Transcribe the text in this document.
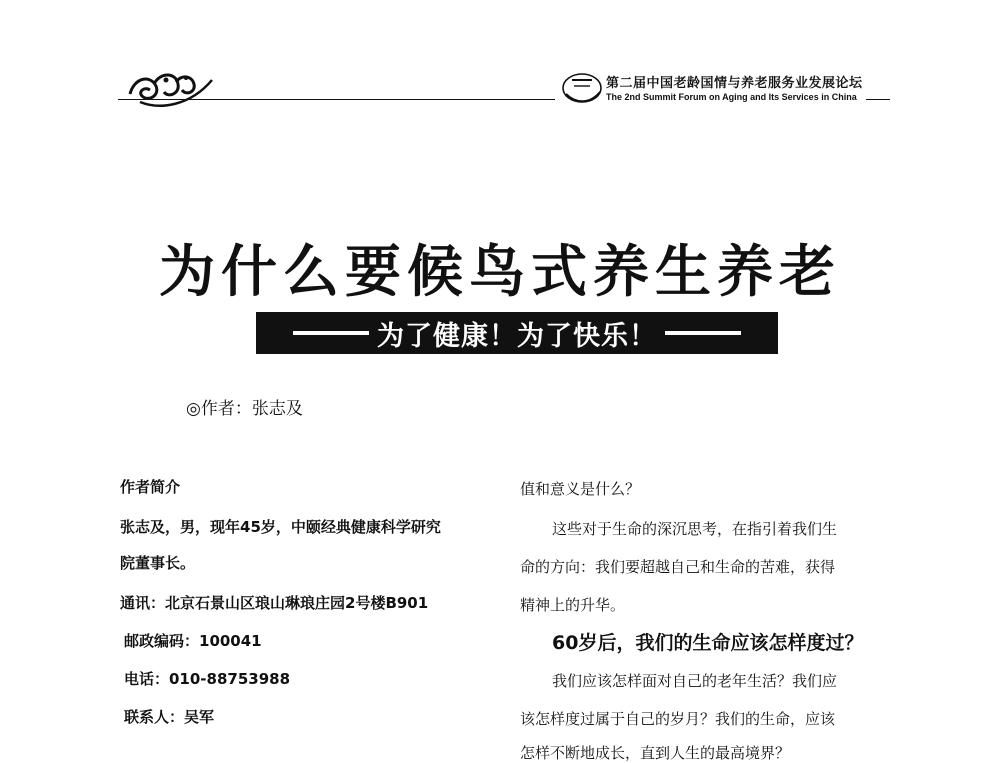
第二届中国老龄国情与养老服务业发展论坛
The 2nd Summit Forum on Aging and Its Services in China
为什么要候鸟式养生养老
为了健康！为了快乐！
◎作者：张志及
作者简介
张志及，男，现年45岁，中颐经典健康科学研究
院董事长。
通讯：北京石景山区琅山琳琅庄园2号楼B901
邮政编码：100041
电话：010-88753988
联系人：吴军
值和意义是什么？
这些对于生命的深沉思考，在指引着我们生
命的方向：我们要超越自己和生命的苦难，获得
精神上的升华。
60岁后，我们的生命应该怎样度过？
我们应该怎样面对自己的老年生活？我们应
该怎样度过属于自己的岁月？我们的生命，应该
怎样不断地成长，直到人生的最高境界？
